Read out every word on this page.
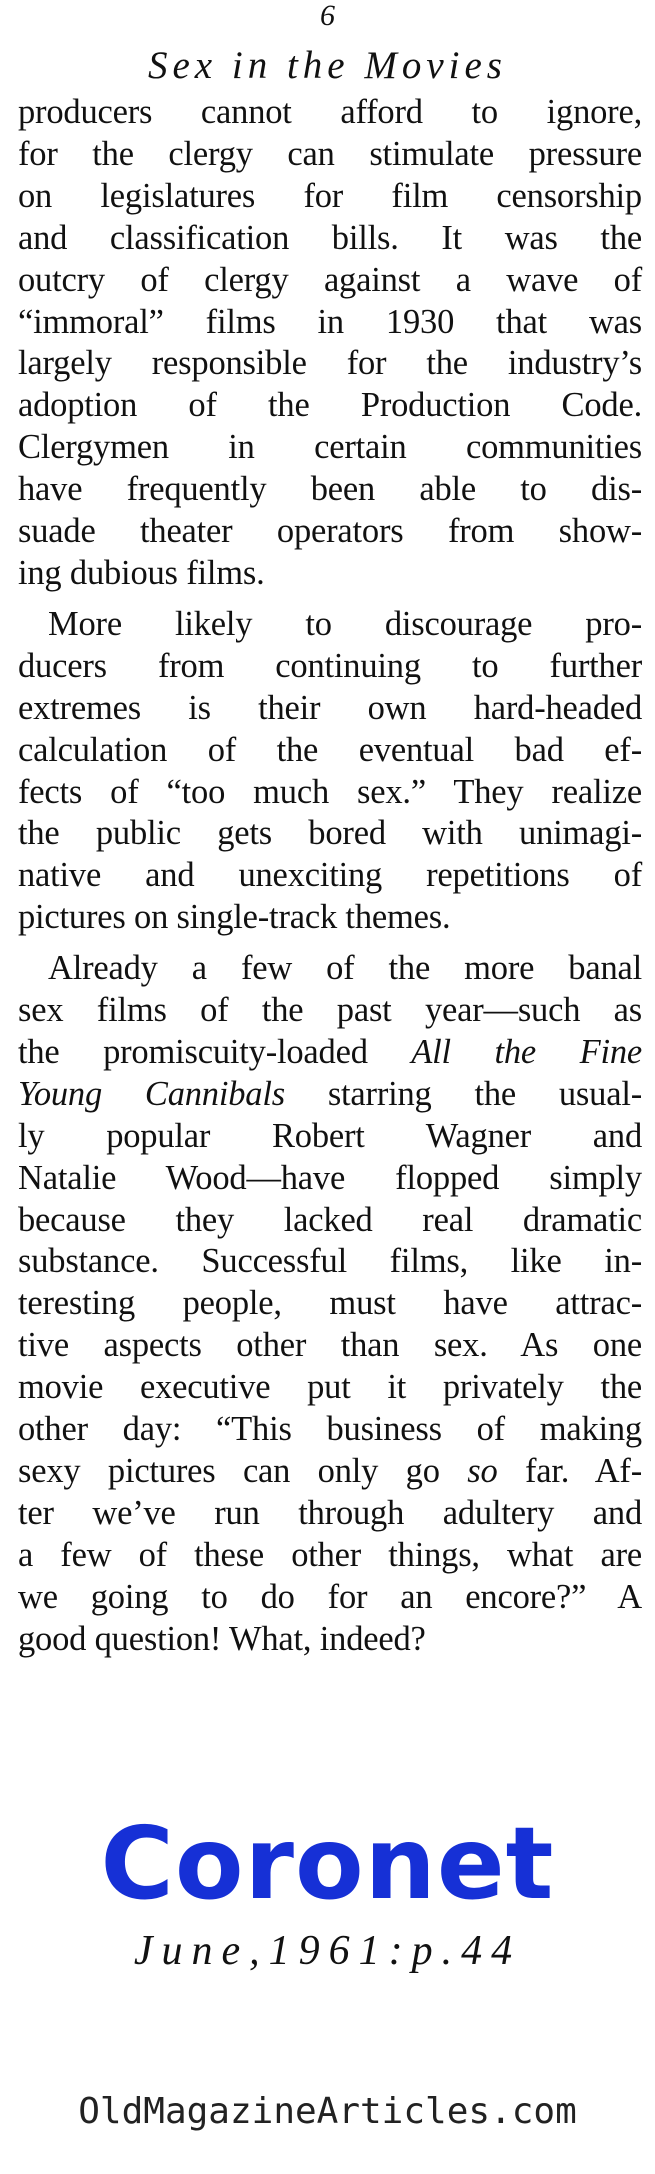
6
Sex in the Movies

producers cannot afford to ignore,
for the clergy can stimulate pressure
on legislatures for film censorship
and classification bills. It was the
outcry of clergy against a wave of
“immoral” films in 1930 that was
largely responsible for the industry’s
adoption of the Production Code.
Clergymen in certain communities
have frequently been able to dis-
suade theater operators from show-
ing dubious films.

More likely to discourage pro-
ducers from continuing to further
extremes is their own hard-headed
calculation of the eventual bad ef-
fects of “too much sex.” They realize
the public gets bored with unimagi-
native and unexciting repetitions of
pictures on single-track themes.

Already a few of the more banal
sex films of the past year—such as
the promiscuity-loaded All the Fine
Young Cannibals starring the usual-
ly popular Robert Wagner and
Natalie Wood—have flopped simply
because they lacked real dramatic
substance. Successful films, like in-
teresting people, must have attrac-
tive aspects other than sex. As one
movie executive put it privately the
other day: “This business of making
sexy pictures can only go so far. Af-
ter we’ve run through adultery and
a few of these other things, what are
we going to do for an encore?” A
good question! What, indeed?

Coronet
June,1961:p.44
OldMagazineArticles.com
